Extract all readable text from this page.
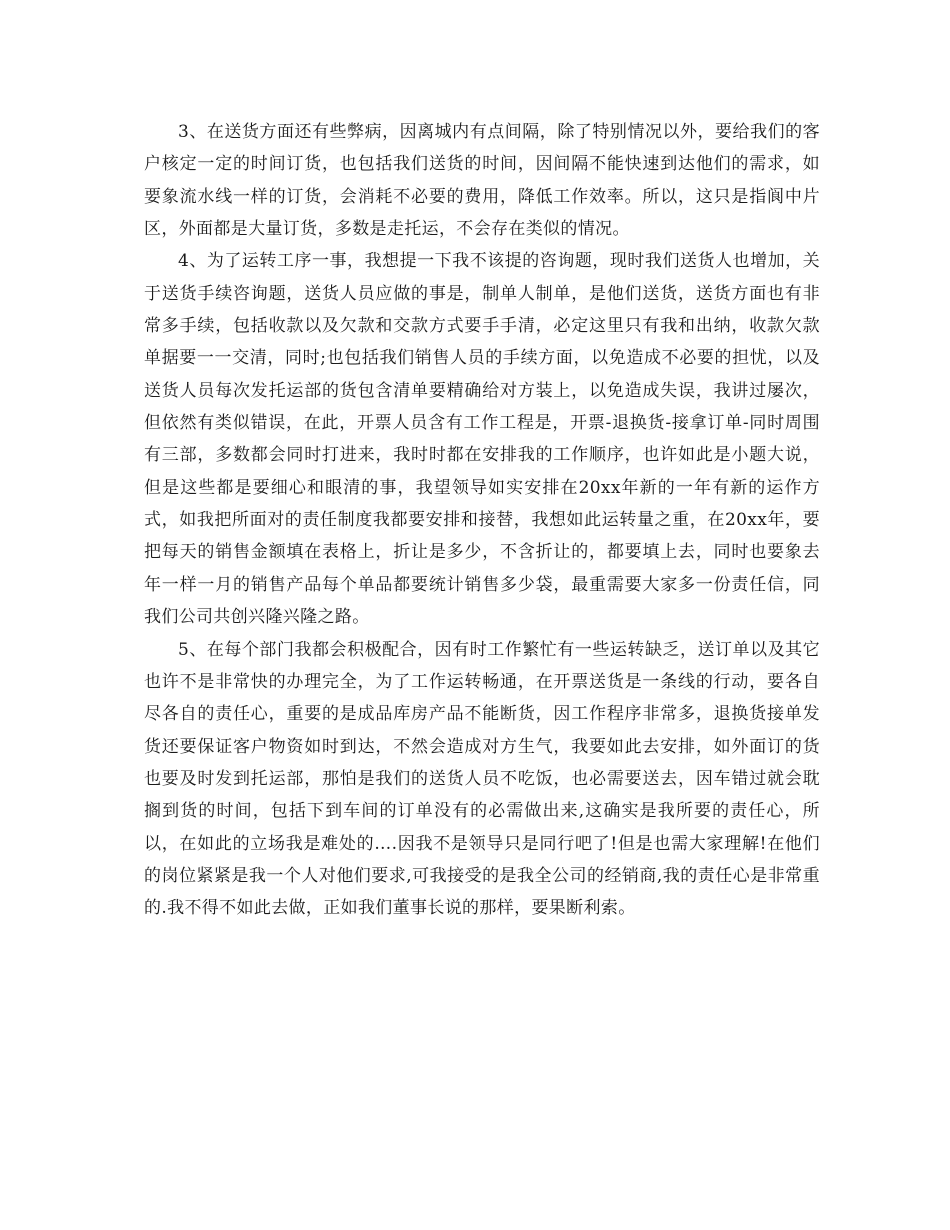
3、在送货方面还有些弊病，因离城内有点间隔，除了特别情况以外，要给我们的客户核定一定的时间订货，也包括我们送货的时间，因间隔不能快速到达他们的需求，如要象流水线一样的订货，会消耗不必要的费用，降低工作效率。所以，这只是指阆中片区，外面都是大量订货，多数是走托运，不会存在类似的情况。

4、为了运转工序一事，我想提一下我不该提的咨询题，现时我们送货人也增加，关于送货手续咨询题，送货人员应做的事是，制单人制单，是他们送货，送货方面也有非常多手续，包括收款以及欠款和交款方式要手手清，必定这里只有我和出纳，收款欠款单据要一一交清，同时;也包括我们销售人员的手续方面，以免造成不必要的担忧，以及送货人员每次发托运部的货包含清单要精确给对方装上，以免造成失误，我讲过屡次，但依然有类似错误，在此，开票人员含有工作工程是，开票-退换货-接拿订单-同时周围有三部，多数都会同时打进来，我时时都在安排我的工作顺序，也许如此是小题大说，但是这些都是要细心和眼清的事，我望领导如实安排在20xx年新的一年有新的运作方式，如我把所面对的责任制度我都要安排和接替，我想如此运转量之重，在20xx年，要把每天的销售金额填在表格上，折让是多少，不含折让的，都要填上去，同时也要象去年一样一月的销售产品每个单品都要统计销售多少袋，最重需要大家多一份责任信，同我们公司共创兴隆兴隆之路。

5、在每个部门我都会积极配合，因有时工作繁忙有一些运转缺乏，送订单以及其它也许不是非常快的办理完全，为了工作运转畅通，在开票送货是一条线的行动，要各自尽各自的责任心，重要的是成品库房产品不能断货，因工作程序非常多，退换货接单发货还要保证客户物资如时到达，不然会造成对方生气，我要如此去安排，如外面订的货也要及时发到托运部，那怕是我们的送货人员不吃饭，也必需要送去，因车错过就会耽搁到货的时间，包括下到车间的订单没有的必需做出来,这确实是我所要的责任心，所以，在如此的立场我是难处的….因我不是领导只是同行吧了!但是也需大家理解!在他们的岗位紧紧是我一个人对他们要求,可我接受的是我全公司的经销商,我的责任心是非常重的.我不得不如此去做，正如我们董事长说的那样，要果断利索。
